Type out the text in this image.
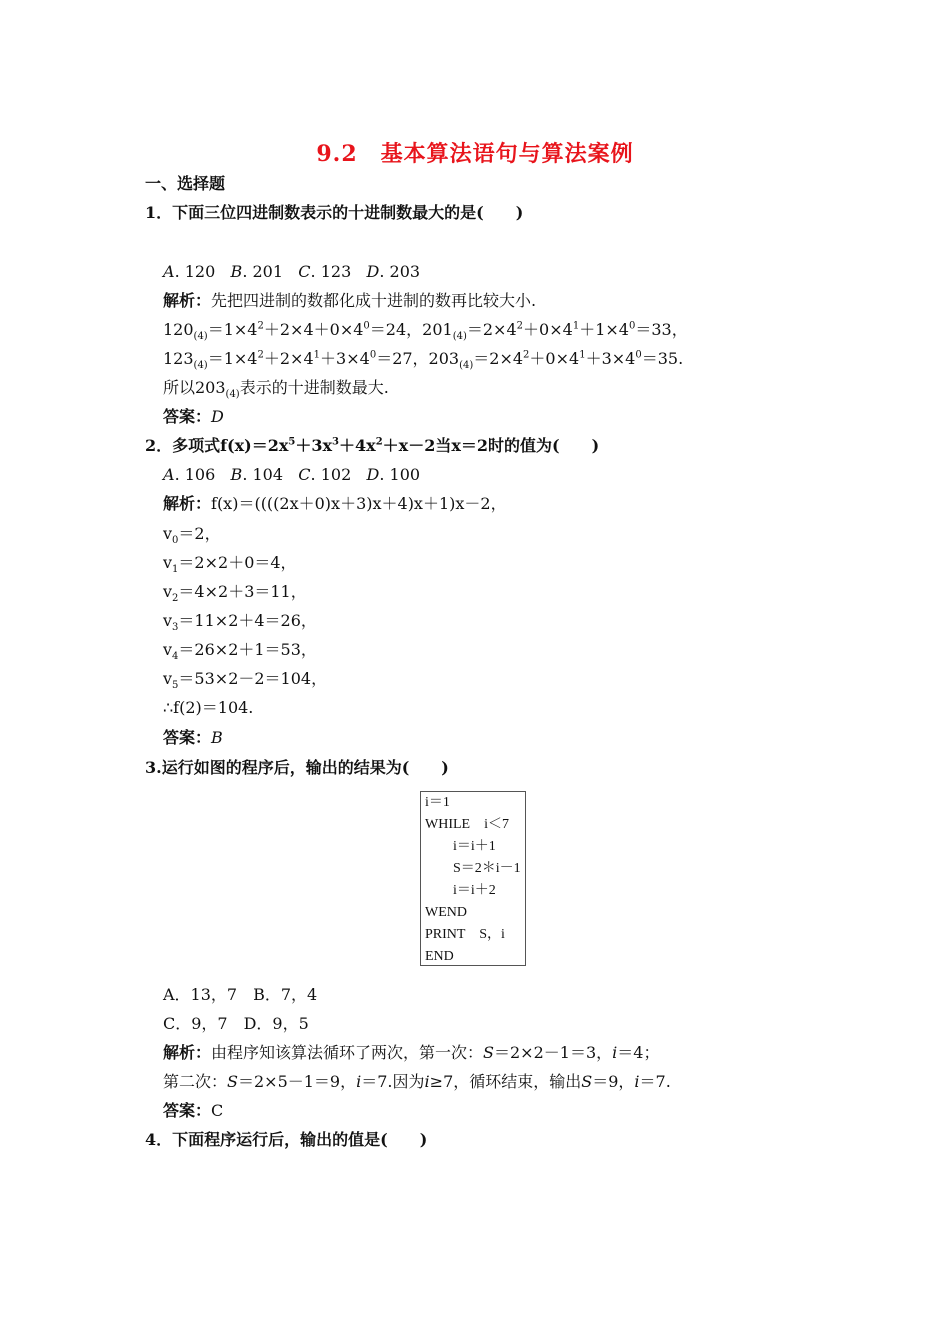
9.2　基本算法语句与算法案例
一、选择题
1．下面三位四进制数表示的十进制数最大的是(　　)
A. 120 B. 201 C. 123 D. 203
解析：先把四进制的数都化成十进制的数再比较大小.
$120_{(4)}=1\times 4^2+2\times 4+0\times 4^0=24$，$201_{(4)}=2\times 4^2+0\times 4^1+1\times 4^0=33$，
$123_{(4)}=1\times 4^2+2\times 4^1+3\times 4^0=27$，$203_{(4)}=2\times 4^2+0\times 4^1+3\times 4^0=35$.
所以$203_{(4)}$表示的十进制数最大.
答案：D
2．多项式$f(x)=2x^5+3x^3+4x^2+x-2$当x＝2时的值为(　　)
A. 106 B. 104 C. 102 D. 100
解析：f(x)＝((((2x＋0)x＋3)x＋4)x＋1)x－2，
$v_0=2$，
$v_1=2\times 2+0=4$，
$v_2=4\times 2+3=11$，
$v_3=11\times 2+4=26$，
$v_4=26\times 2+1=53$，
$v_5=53\times 2-2=104$，
∴f(2)＝104.
答案：B
3.运行如图的程序后，输出的结果为(　　)
i＝1
WHILE　i＜7
i＝i＋1
S＝2＊i－1
i＝i＋2
WEND
PRINT　S，i
END
A．13，7　B．7，4
C．9，7　D．9，5
解析：由程序知该算法循环了两次，第一次：S＝2×2－1＝3，i＝4；
第二次：S＝2×5－1＝9，i＝7.因为i≥7，循环结束，输出S＝9，i＝7.
答案：C
4．下面程序运行后，输出的值是(　　)
